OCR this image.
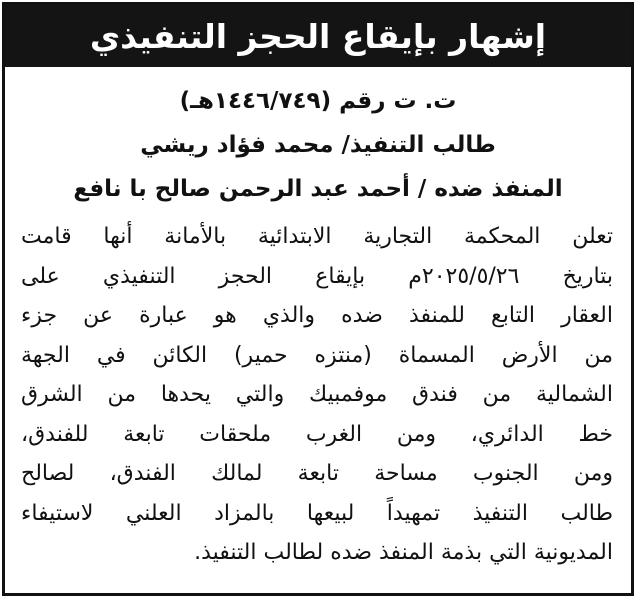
إشهار بإيقاع الحجز التنفيذي
ت. ت رقم (١٤٤٦/٧٤٩هـ)
طالب التنفيذ/ محمد فؤاد ريشي
المنفذ ضده / أحمد عبد الرحمن صالح با نافع
تعلن المحكمة التجارية الابتدائية بالأمانة أنها قامت
بتاريخ ٢٠٢٥/٥/٢٦م بإيقاع الحجز التنفيذي على
العقار التابع للمنفذ ضده والذي هو عبارة عن جزء
من الأرض المسماة (منتزه حمير) الكائن في الجهة
الشمالية من فندق موفمبيك والتي يحدها من الشرق
خط الدائري، ومن الغرب ملحقات تابعة للفندق،
ومن الجنوب مساحة تابعة لمالك الفندق، لصالح
طالب التنفيذ تمهيداً لبيعها بالمزاد العلني لاستيفاء
المديونية التي بذمة المنفذ ضده لطالب التنفيذ.
